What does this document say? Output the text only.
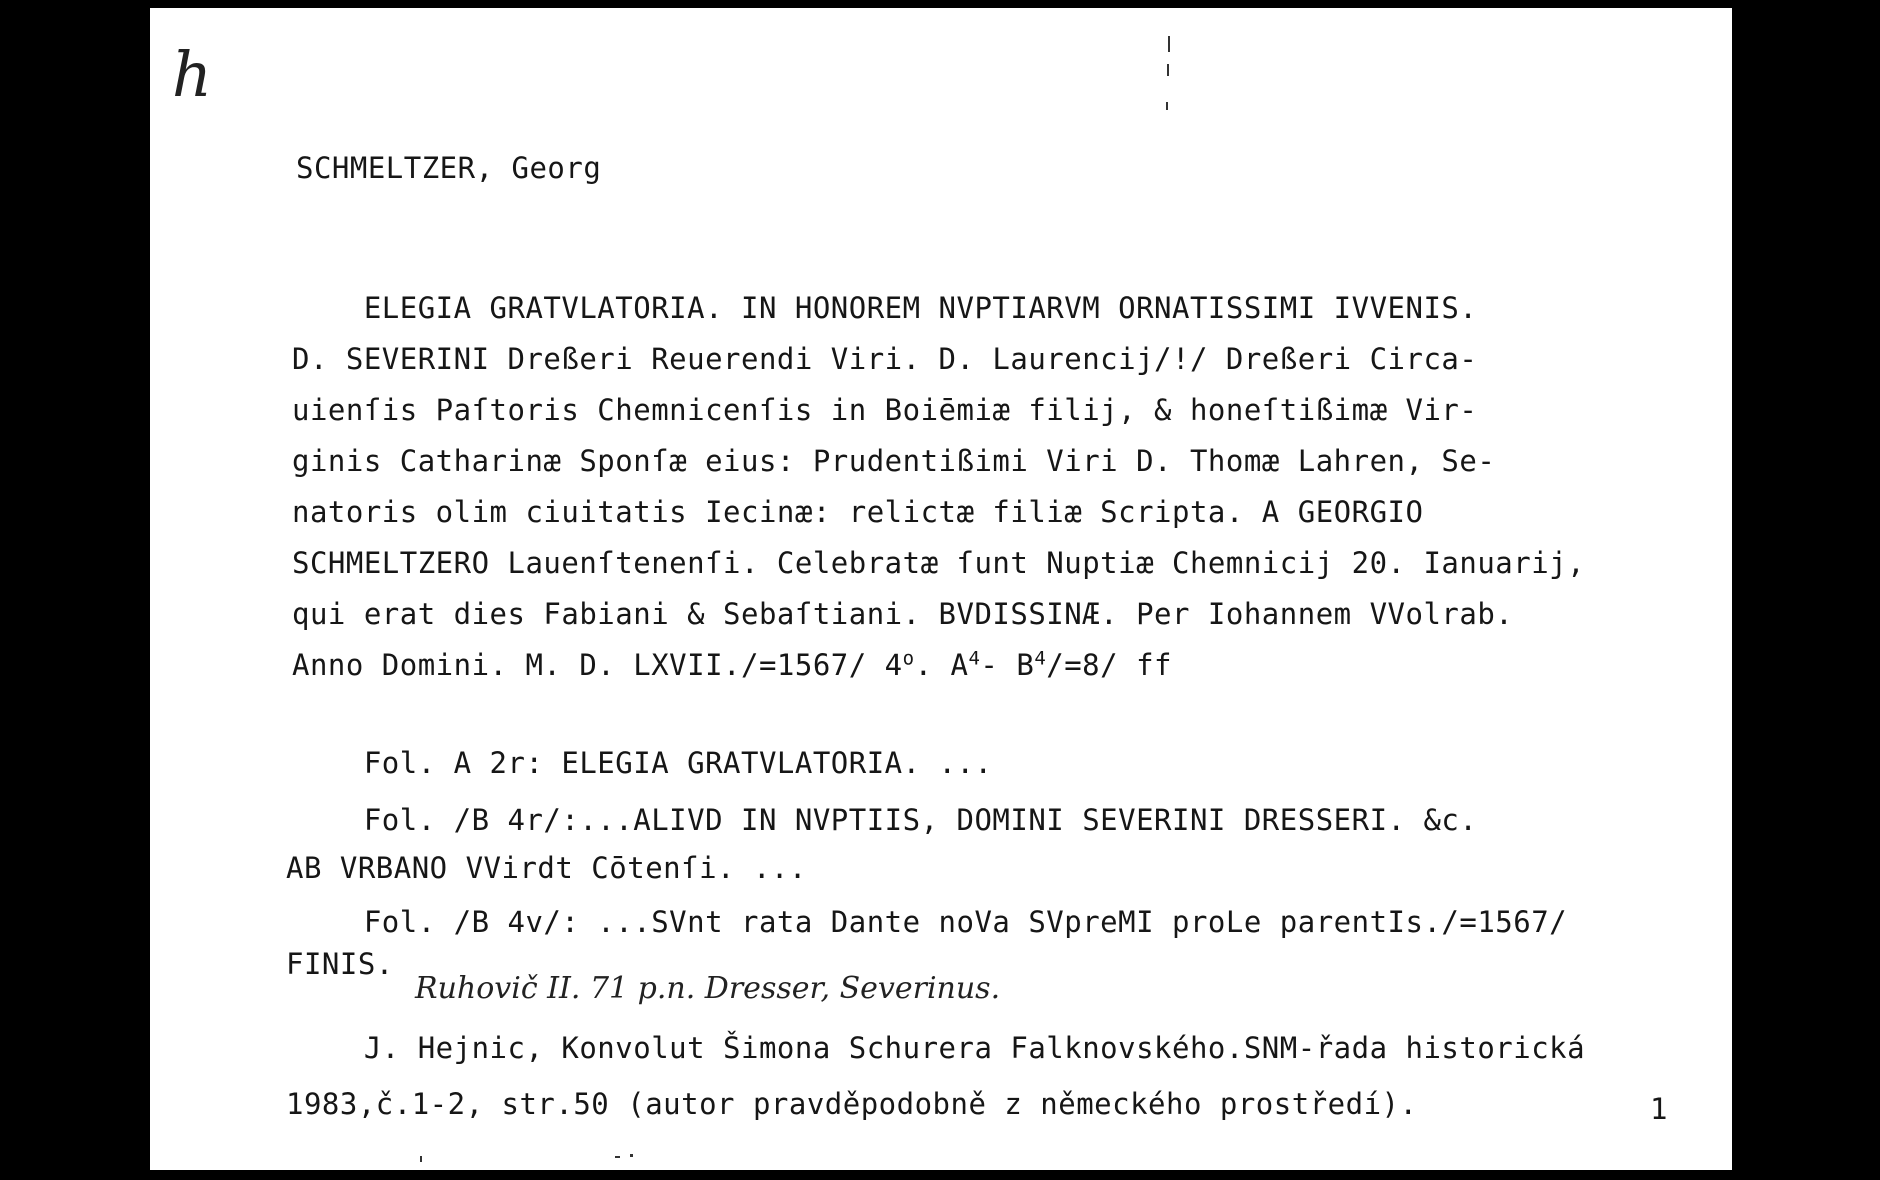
h
SCHMELTZER, Georg
ELEGIA GRATVLATORIA. IN HONOREM NVPTIARVM ORNATISSIMI IVVENIS.
D. SEVERINI Dreßeri Reuerendi Viri. D. Laurencij/!/ Dreßeri Circa-
uienſis Paſtoris Chemnicenſis in Boiēmiæ filij, & honeſtißimæ Vir-
ginis Catharinæ Sponſæ eius: Prudentißimi Viri D. Thomæ Lahren, Se-
natoris olim ciuitatis Iecinæ: relictæ filiæ Scripta. A GEORGIO
SCHMELTZERO Lauenſtenenſi. Celebratæ ſunt Nuptiæ Chemnicij 20. Ianuarij,
qui erat dies Fabiani & Sebaſtiani. BVDISSINÆ. Per Iohannem VVolrab.
Anno Domini. M. D. LXVII./=1567/ 4$^o$. $A^4-$ $B^4/=8/$ ff
Fol. A 2r: ELEGIA GRATVLATORIA. ...
Fol. /B 4r/:...ALIVD IN NVPTIIS, DOMINI SEVERINI DRESSERI. &c.
AB VRBANO VVirdt Cōtenſi. ...
Fol. /B 4v/: ...SVnt rata Dante noVa SVpreMI proLe parentIs./=1567/
FINIS.
Ruhovič II. 71 p.n. Dresser, Severinus.
J. Hejnic, Konvolut Šimona Schurera Falknovského.SNM-řada historická
1983,č.1-2, str.50 (autor pravděpodobně z německého prostředí).	1
